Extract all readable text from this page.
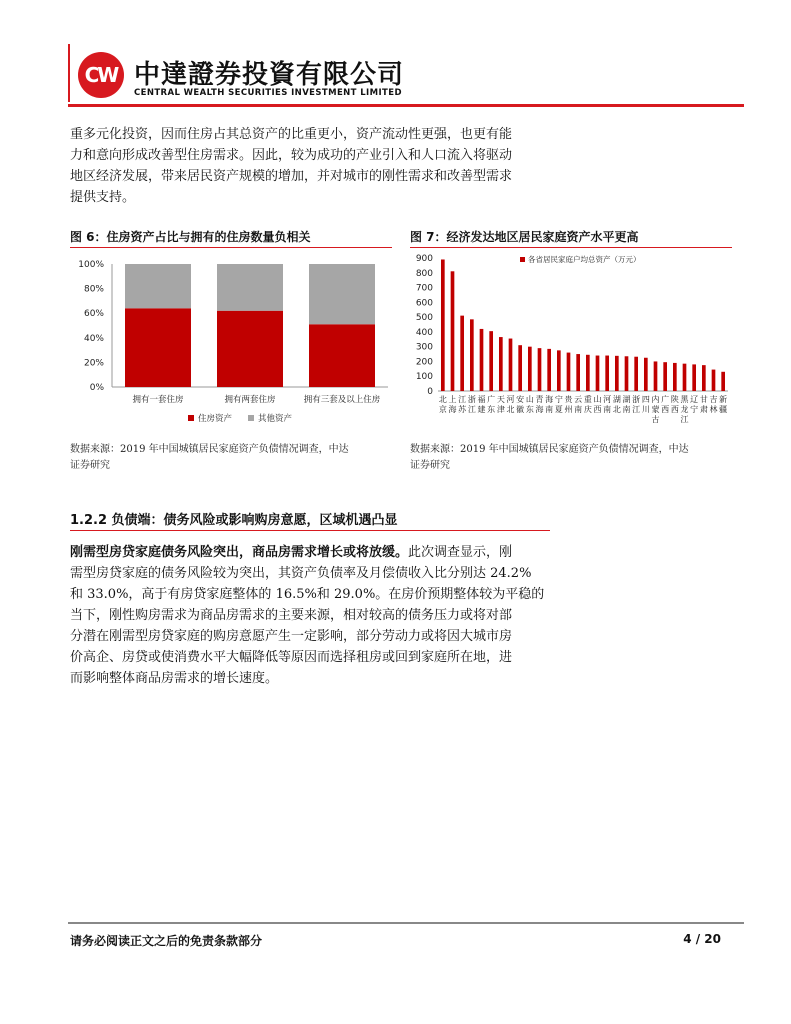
CW 中達證券投資有限公司
CENTRAL WEALTH SECURITIES INVESTMENT LIMITED
重多元化投资，因而住房占其总资产的比重更小，资产流动性更强，也更有能
力和意向形成改善型住房需求。因此，较为成功的产业引入和人口流入将驱动
地区经济发展，带来居民资产规模的增加，并对城市的刚性需求和改善型需求
提供支持。
图 6：住房资产占比与拥有的住房数量负相关
0%
20%
40%
60%
80%
100%
拥有一套住房	拥有两套住房	拥有三套及以上住房
住房资产	其他资产
数据来源：2019 年中国城镇居民家庭资产负债情况调查，中达
证券研究
图 7：经济发达地区居民家庭资产水平更高
0
100
200
300
400
500
600
700
800
900
北
京
上
海
江
苏
浙
江
福
建
广
东
天
津
河
北
安
徽
山
东
青
海
海
南
宁
夏
贵
州
云
南
重
庆
山
西
河
南
湖
北
湖
南
浙
江
四
川
内
蒙
古
广
西
陕
西
黑
龙
江
辽
宁
甘
肃
吉
林
新
疆
各省居民家庭户均总资产（万元）
数据来源：2019 年中国城镇居民家庭资产负债情况调查，中达
证券研究
1.2.2 负债端：债务风险或影响购房意愿，区域机遇凸显
刚需型房贷家庭债务风险突出，商品房需求增长或将放缓。此次调查显示，刚
需型房贷家庭的债务风险较为突出，其资产负债率及月偿债收入比分别达 24.2%
和 33.0%，高于有房贷家庭整体的 16.5%和 29.0%。在房价预期整体较为平稳的
当下，刚性购房需求为商品房需求的主要来源，相对较高的债务压力或将对部
分潜在刚需型房贷家庭的购房意愿产生一定影响，部分劳动力或将因大城市房
价高企、房贷或使消费水平大幅降低等原因而选择租房或回到家庭所在地，进
而影响整体商品房需求的增长速度。
请务必阅读正文之后的免责条款部分	4 / 20
